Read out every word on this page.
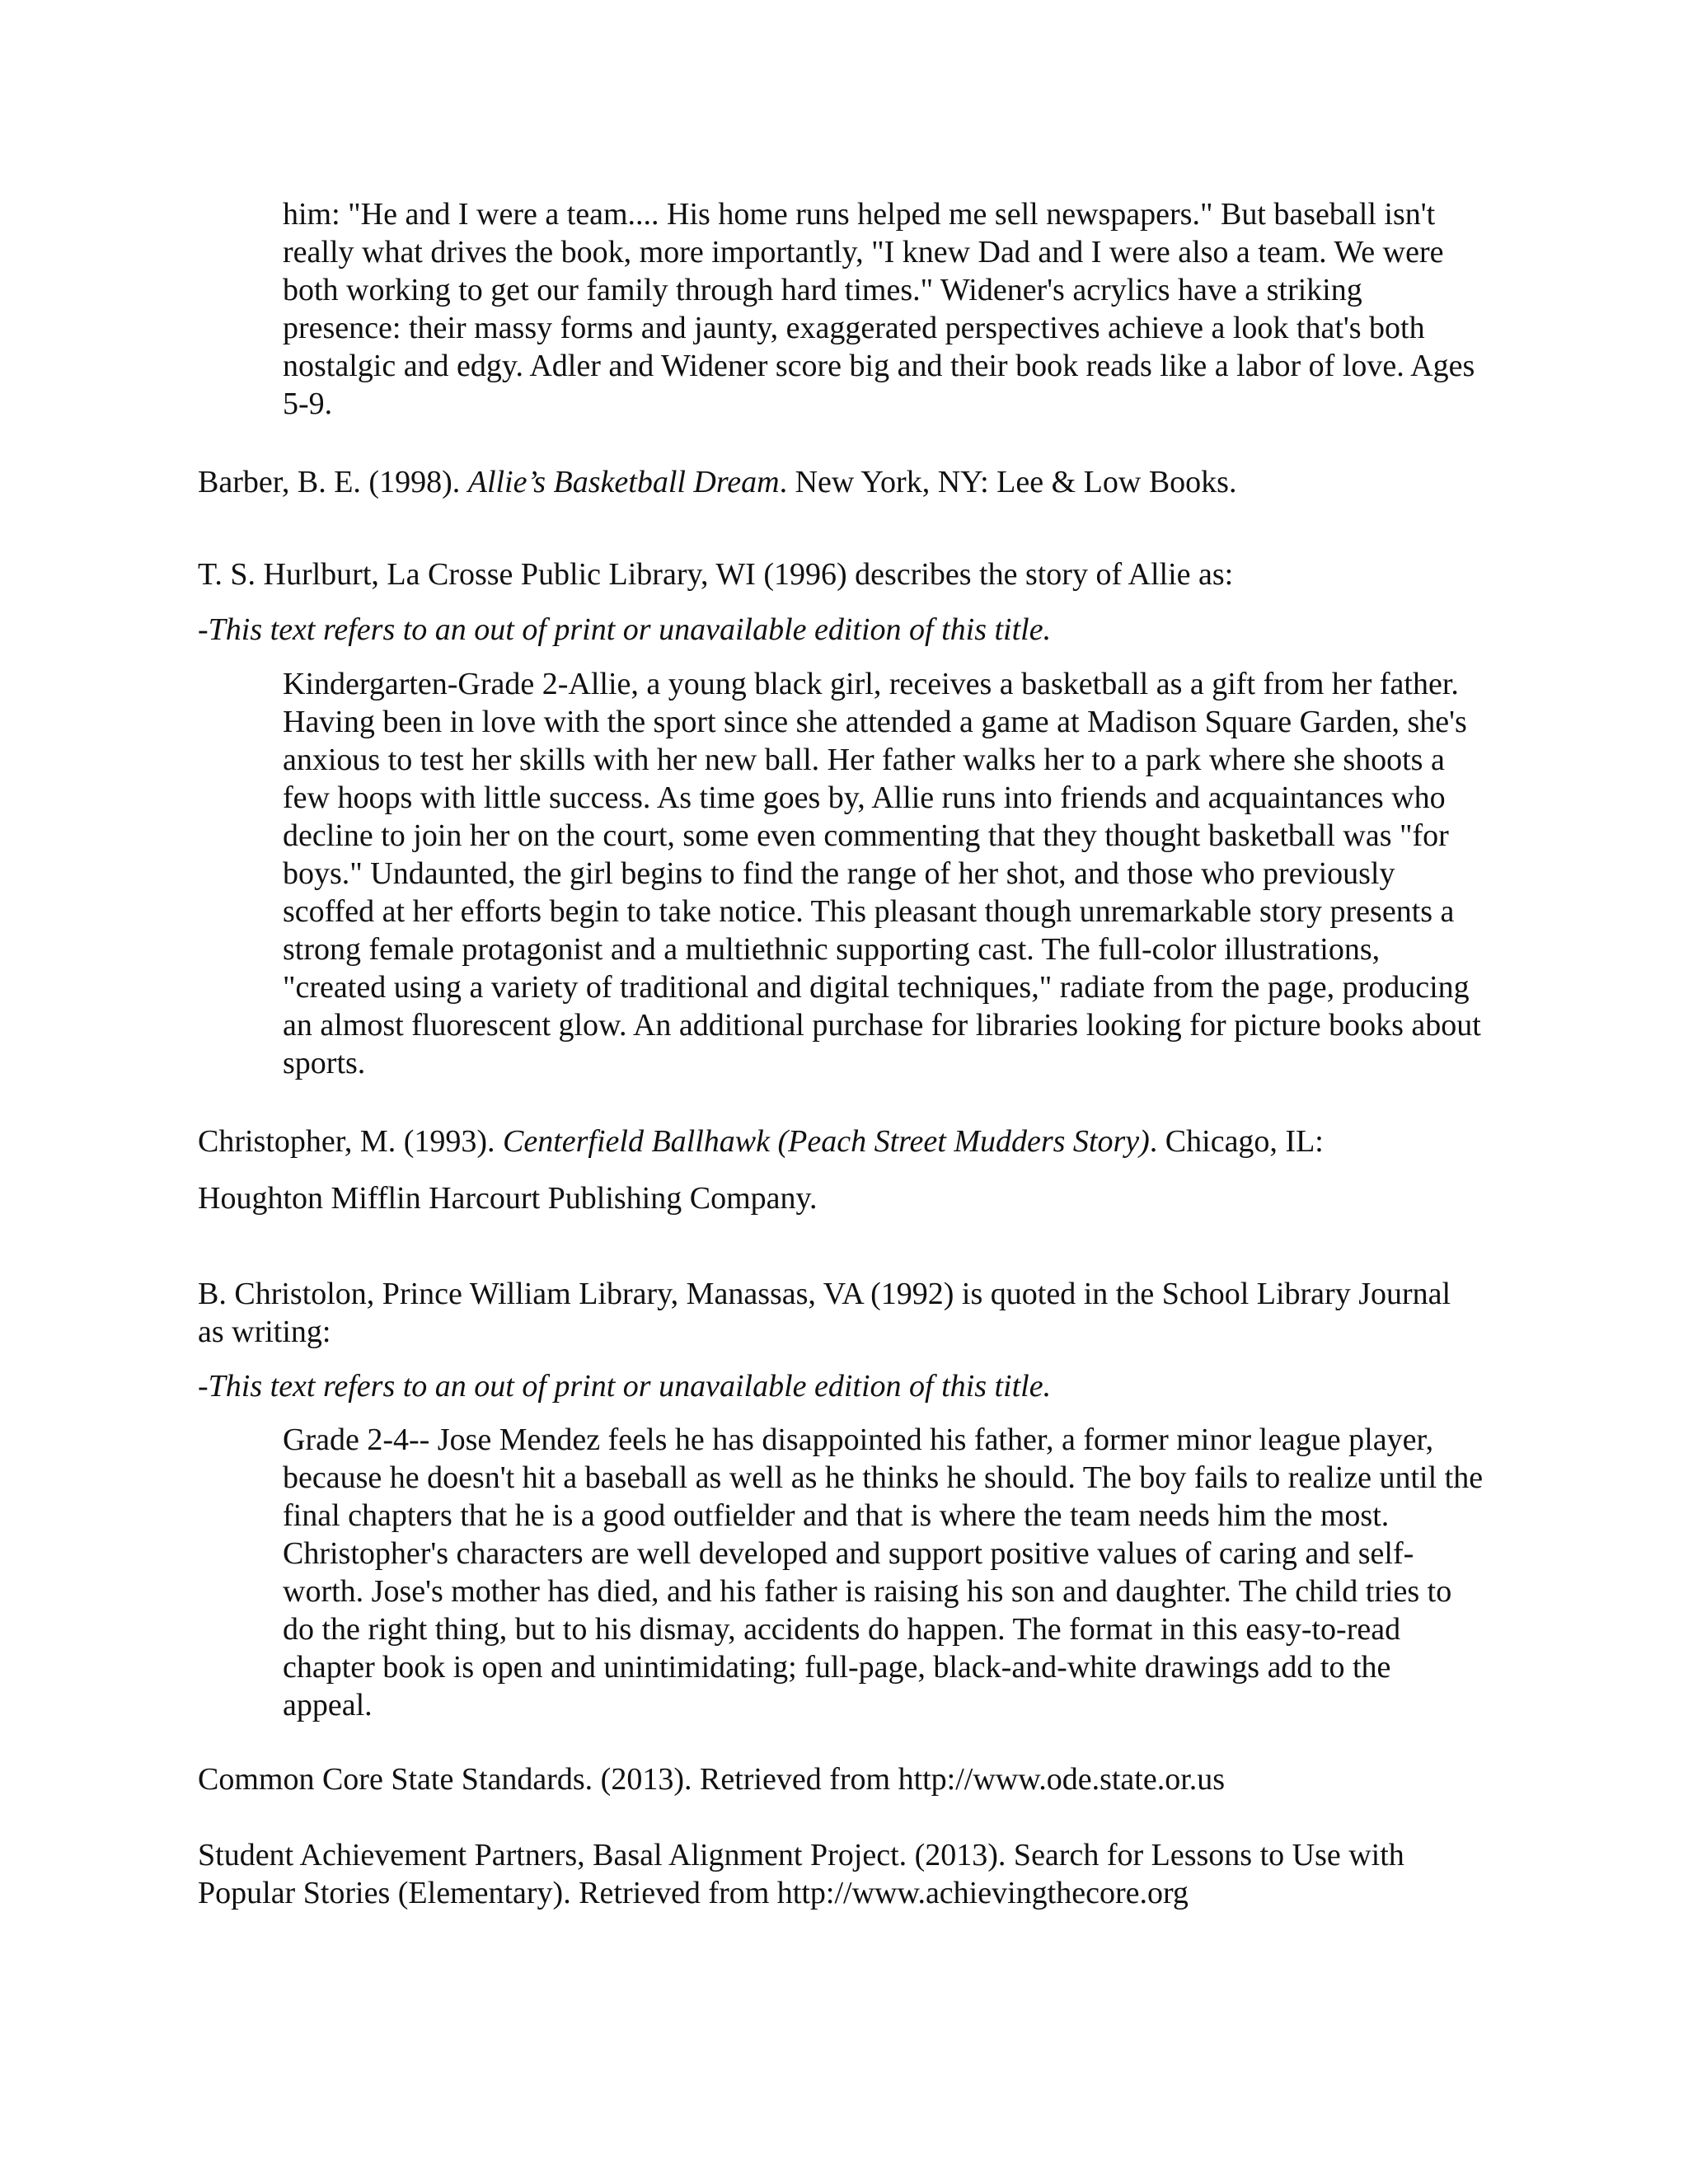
him: "He and I were a team.... His home runs helped me sell newspapers." But baseball isn't really what drives the book, more importantly, "I knew Dad and I were also a team. We were both working to get our family through hard times." Widener's acrylics have a striking presence: their massy forms and jaunty, exaggerated perspectives achieve a look that's both nostalgic and edgy. Adler and Widener score big and their book reads like a labor of love. Ages 5-9.

Barber, B. E. (1998). Allie’s Basketball Dream. New York, NY: Lee & Low Books.

T. S. Hurlburt, La Crosse Public Library, WI (1996) describes the story of Allie as:

-This text refers to an out of print or unavailable edition of this title.

Kindergarten-Grade 2-Allie, a young black girl, receives a basketball as a gift from her father. Having been in love with the sport since she attended a game at Madison Square Garden, she's anxious to test her skills with her new ball. Her father walks her to a park where she shoots a few hoops with little success. As time goes by, Allie runs into friends and acquaintances who decline to join her on the court, some even commenting that they thought basketball was "for boys." Undaunted, the girl begins to find the range of her shot, and those who previously scoffed at her efforts begin to take notice. This pleasant though unremarkable story presents a strong female protagonist and a multiethnic supporting cast. The full-color illustrations, "created using a variety of traditional and digital techniques," radiate from the page, producing an almost fluorescent glow. An additional purchase for libraries looking for picture books about sports.

Christopher, M. (1993). Centerfield Ballhawk (Peach Street Mudders Story). Chicago, IL:

Houghton Mifflin Harcourt Publishing Company.

B. Christolon, Prince William Library, Manassas, VA (1992) is quoted in the School Library Journal as writing:

-This text refers to an out of print or unavailable edition of this title.

Grade 2-4-- Jose Mendez feels he has disappointed his father, a former minor league player, because he doesn't hit a baseball as well as he thinks he should. The boy fails to realize until the final chapters that he is a good outfielder and that is where the team needs him the most. Christopher's characters are well developed and support positive values of caring and self-worth. Jose's mother has died, and his father is raising his son and daughter. The child tries to do the right thing, but to his dismay, accidents do happen. The format in this easy-to-read chapter book is open and unintimidating; full-page, black-and-white drawings add to the appeal.

Common Core State Standards. (2013). Retrieved from http://www.ode.state.or.us

Student Achievement Partners, Basal Alignment Project. (2013). Search for Lessons to Use with Popular Stories (Elementary). Retrieved from http://www.achievingthecore.org
